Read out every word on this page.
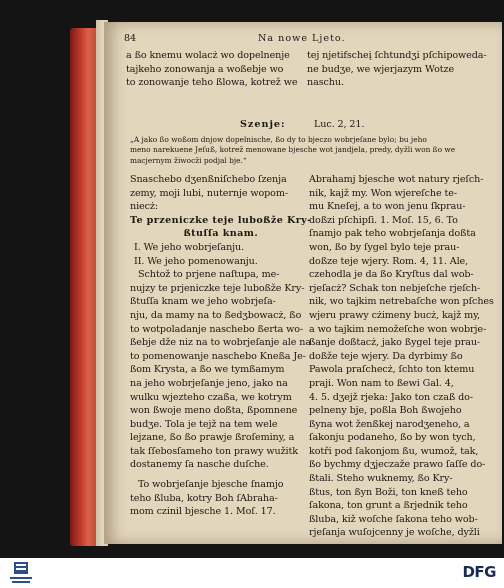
84	Na nowe Ljeto.
a ßo knemu wolacż wo dopelnenje
tajkeho zonowanja a woßebje wo
to zonowanje teho ßlowa, kotrež we
tej njetifscheį ſchtundʒi pſchipoweda-
ne budʒe, we wjerjazym Wotze
naschu.
Szenje:	Luc. 2, 21.
„A jako ßo woßom dnjow dopelnische, ßo dy to bjeczo wobrjeſane bylo; bu jeho
meno narekuene Jeſuß, kotrež menowane bjesche wot jandjela, predy, dyžli won ßo we
macjernym žiwocži podjal bje.“
Snaschebo dʒenßniſchebo ſzenja
zemy, moji lubi, nuternje wopom-
niecż:
Te przeniczke teje luboßže Kry-
ßtuſſa knam.
I. We jeho wobrjeſanju.
II. We jeho pomenowanju.
Schtož to prjene naſtupa, me-
nujzy te prjeniczke teje luboßže Kry-
ßtuſſa knam we jeho wobrjeſa-
nju, da mamy na to ßedʒbowacż, ßo
to wotpoladanje naschebo ßerta wo-
ßebje dže niz na to wobrjeſanje ale na
to pomenowanje naschebo Kneßa Je-
ßom Krysta, a ßo we tymßamym
na jeho wobrjeſanje jeno, jako na
wulku wjezteho czaßa, we kotrym
won ßwoje meno doßta, ßpomnene
budʒe. Tola je tejž na tem wele
lejzane, ßo ßo prawje ßroſeminy, a
tak ſſebosſameho ton prawy wužitk
dostanemy ſa nasche duſche.
To wobrjeſanje bjesche ſnamjo
teho ßluba, kotry Boh ſAbraha-
mom czinil bjesche 1. Moſ. 17.
Abrahamj bjesche wot natury rjeſch-
nik, kajž my. Won wjereſche te-
mu Kneſej, a to won jenu ſkprau-
doßzi pſchipſi. 1. Moſ. 15, 6. To
ſnamjo pak teho wobrjeſanja doßta
won, ßo by ſygel bylo teje prau-
doßze teje wjery. Rom. 4, 11. Ale,
czehodla je da ßo Kryſtus dal wob-
rjeſacż? Schak ton nebjeſche rjeſch-
nik, wo tajkim netrebaſche won pſches
wjeru prawy cżimeny bucż, kajž my,
a wo tajkim nemožeſche won wobrje-
ßanje doßtacż, jako ßygel teje prau-
doßže teje wjery. Da dyrbimy ßo
Pawola praſchecż, ſchto ton ktemu
praji. Won nam to ßewi Gal. 4,
4. 5. dʒejž rjeka: Jako ton czaß do-
pelneny bje, poßla Boh ßwojeho
ßyna wot ženßkej narodʒeneho, a
ſakonju podaneho, ßo by won tych,
kotři pod ſakonjom ßu, wumož, tak,
ßo bychmy dʒjeczaže prawo ſaſſe do-
ßtali. Steho wuknemy, ßo Kry-
ßtus, ton ßyn Boži, ton kneß teho
ſakona, ton grunt a ßrjednik teho
ßluba, kiž woſche ſakona teho wob-
rjeſanja wuſojcenny je woſche, dyžli
DFG
